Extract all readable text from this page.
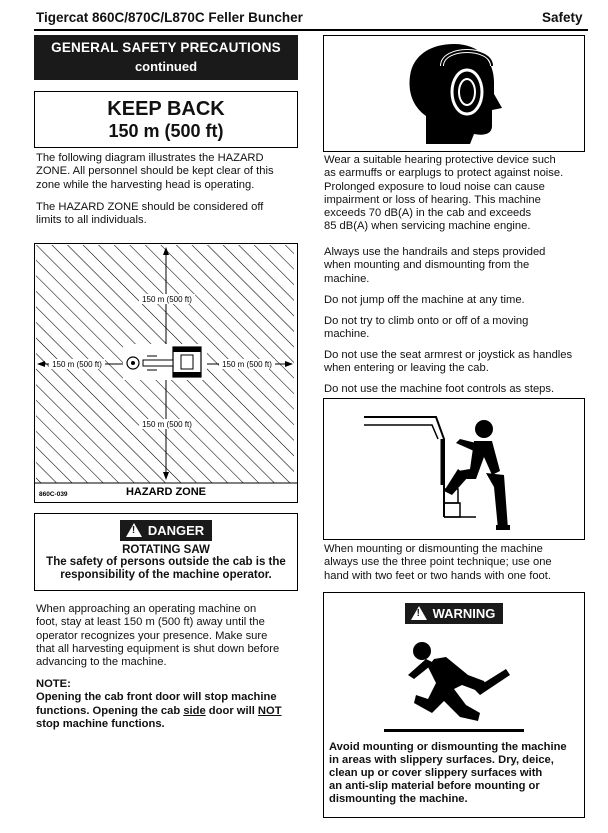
Tigercat 860C/870C/L870C Feller Buncher	Safety
GENERAL SAFETY PRECAUTIONS
continued
KEEP BACK
150 m (500 ft)
The following diagram illustrates the HAZARD
ZONE. All personnel should be kept clear of this
zone while the harvesting head is operating.
The HAZARD ZONE should be considered off
limits to all individuals.
150 m (500 ft)
150 m (500 ft)	150 m (500 ft)
150 m (500 ft)
860C-039	HAZARD ZONE
!DANGER
ROTATING SAW
The safety of persons outside the cab is the
responsibility of the machine operator.
When approaching an operating machine on
foot, stay at least 150 m (500 ft) away until the
operator recognizes your presence. Make sure
that all harvesting equipment is shut down before
advancing to the machine.
NOTE:
Opening the cab front door will stop machine
functions. Opening the cab side door will NOT
stop machine functions.
Wear a suitable hearing protective device such
as earmuffs or earplugs to protect against noise.
Prolonged exposure to loud noise can cause
impairment or loss of hearing. This machine
exceeds 70 dB(A) in the cab and exceeds
85 dB(A) when servicing machine engine.
Always use the handrails and steps provided
when mounting and dismounting from the
machine.
Do not jump off the machine at any time.
Do not try to climb onto or off of a moving
machine.
Do not use the seat armrest or joystick as handles
when entering or leaving the cab.
Do not use the machine foot controls as steps.
When mounting or dismounting the machine
always use the three point technique; use one
hand with two feet or two hands with one foot.
!WARNING
Avoid mounting or dismounting the machine
in areas with slippery surfaces. Dry, deice,
clean up or cover slippery surfaces with
an anti-slip material before mounting or
dismounting the machine.
